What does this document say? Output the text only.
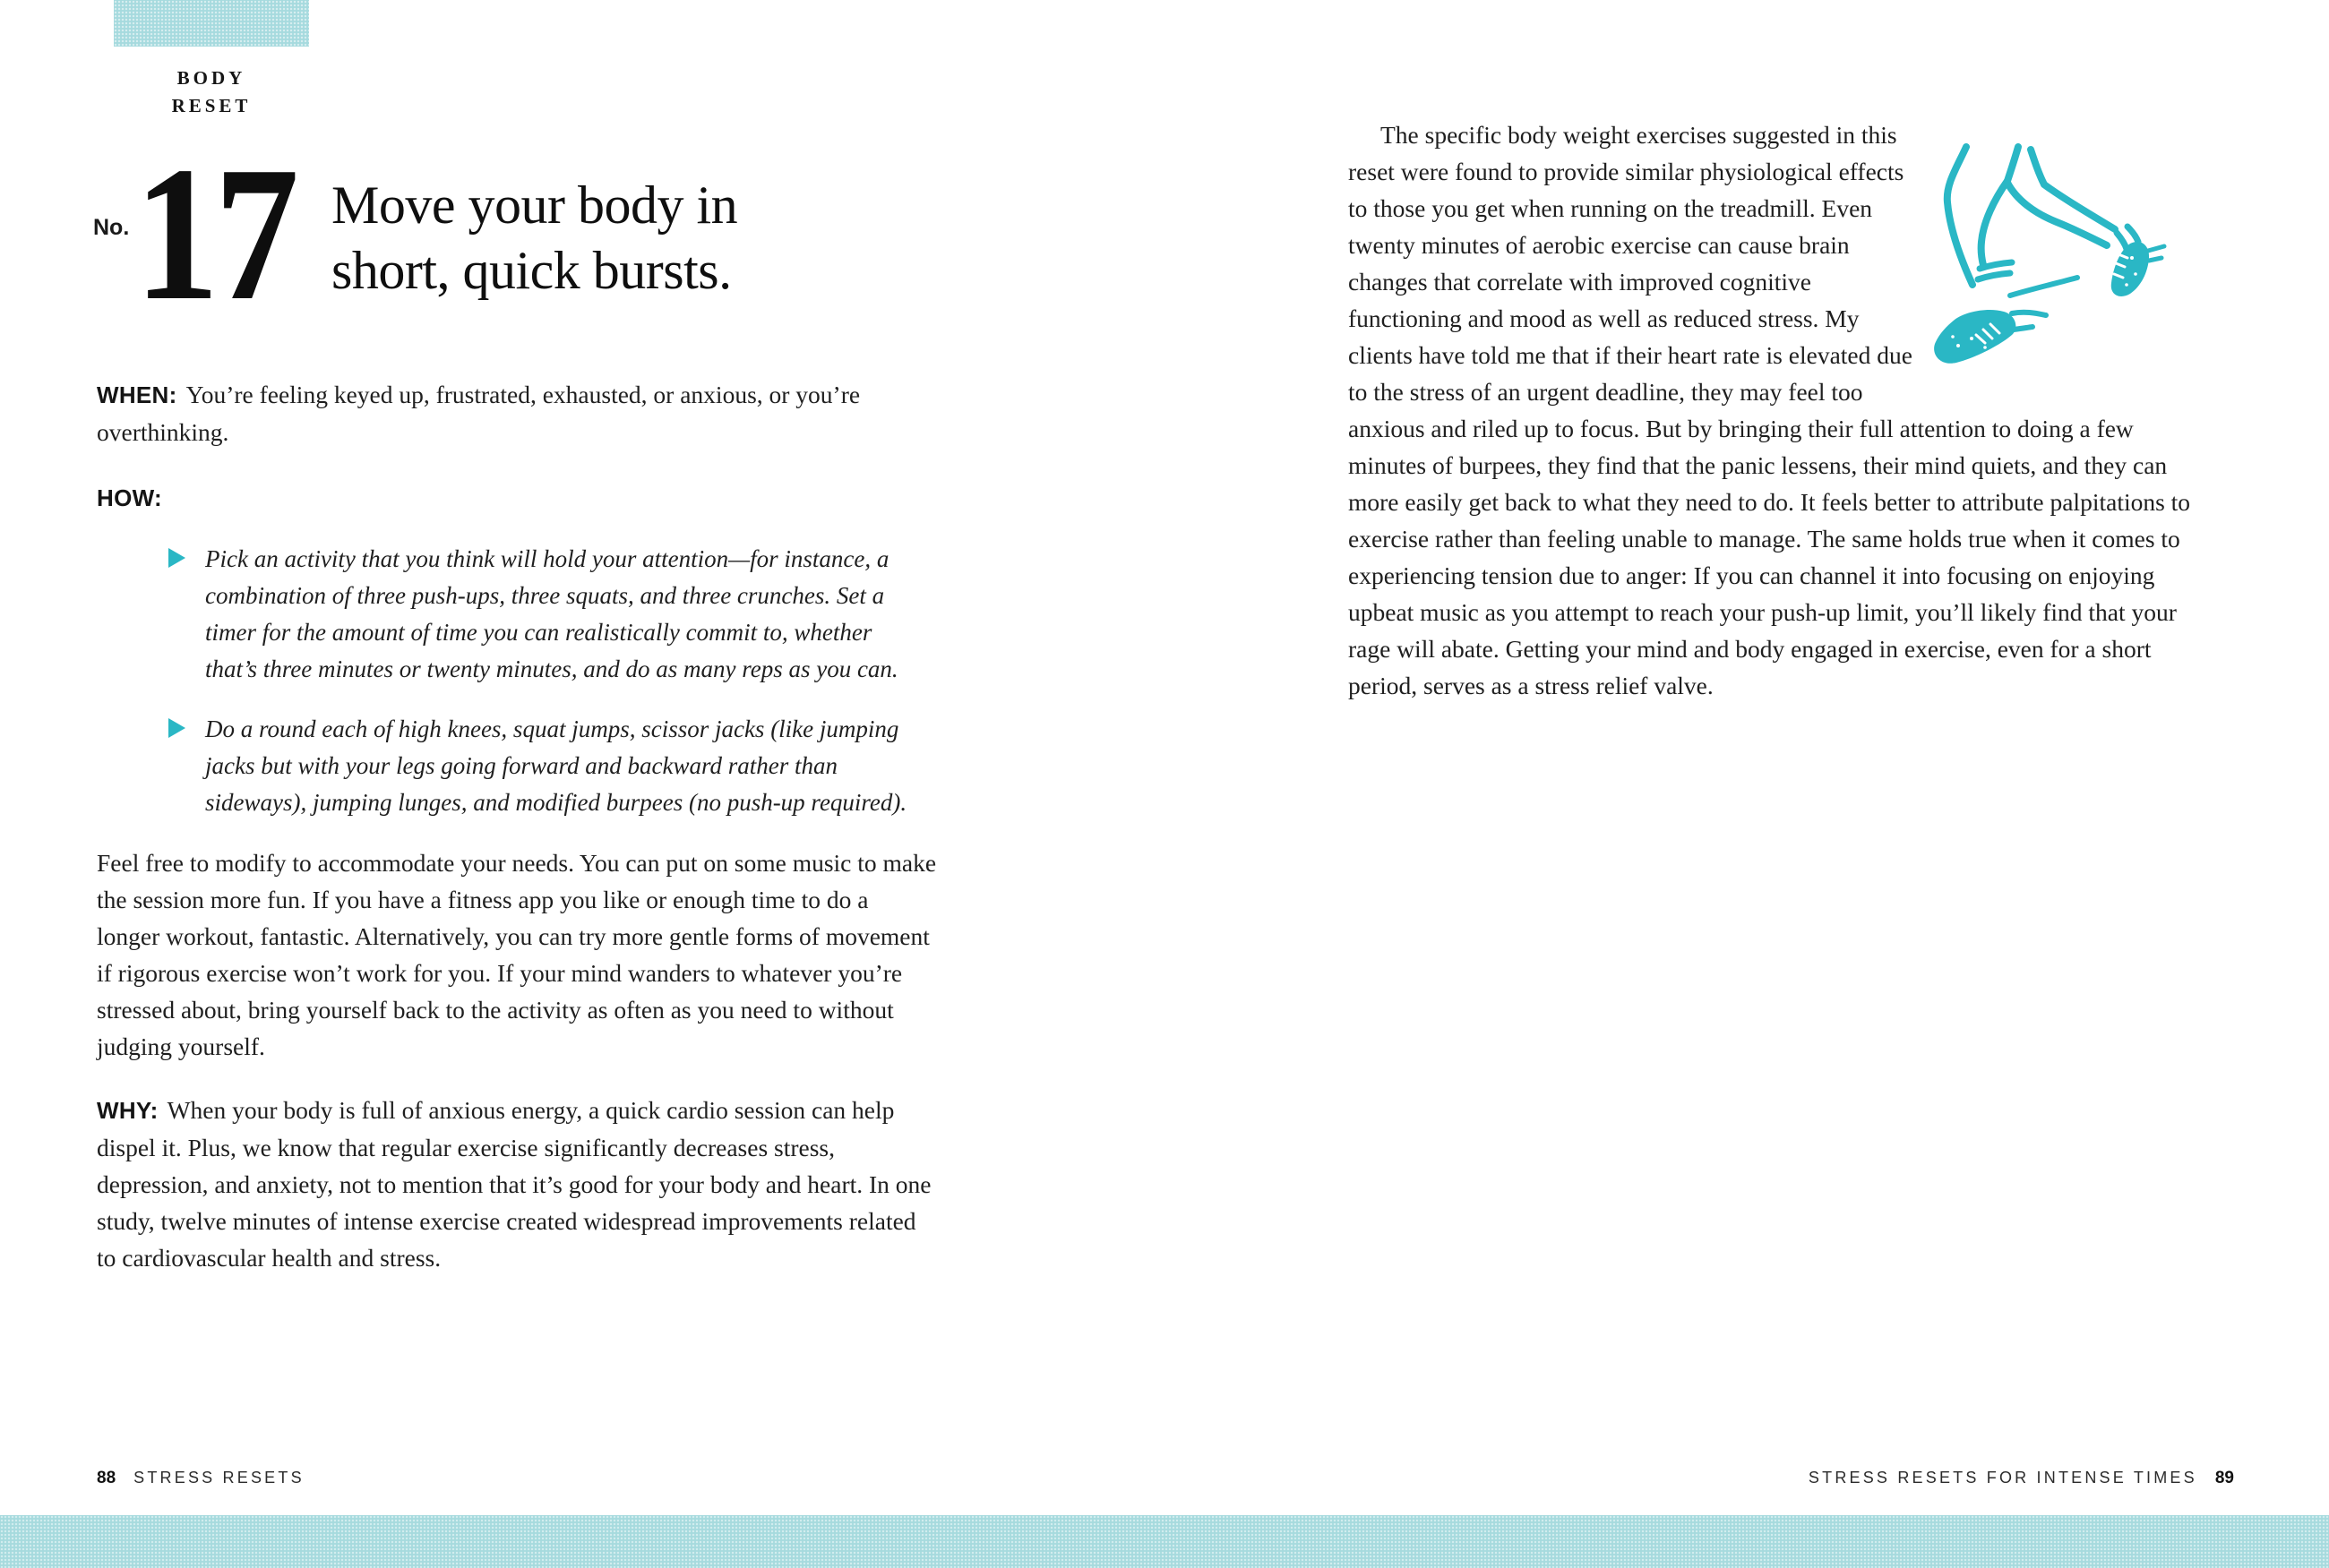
BODY RESET
No. 17 Move your body in
short, quick bursts.

WHEN: You’re feeling keyed up, frustrated, exhausted, or anxious, or you’re overthinking.

HOW:
Pick an activity that you think will hold your attention—for instance, a combination of three push-ups, three squats, and three crunches. Set a timer for the amount of time you can realistically commit to, whether that’s three minutes or twenty minutes, and do as many reps as you can.
Do a round each of high knees, squat jumps, scissor jacks (like jumping jacks but with your legs going forward and backward rather than sideways), jumping lunges, and modified burpees (no push-up required).

Feel free to modify to accommodate your needs. You can put on some music to make the session more fun. If you have a fitness app you like or enough time to do a longer workout, fantastic. Alternatively, you can try more gentle forms of movement if rigorous exercise won’t work for you. If your mind wanders to whatever you’re stressed about, bring yourself back to the activity as often as you need to without judging yourself.

WHY: When your body is full of anxious energy, a quick cardio session can help dispel it. Plus, we know that regular exercise significantly decreases stress, depression, and anxiety, not to mention that it’s good for your body and heart. In one study, twelve minutes of intense exercise created widespread improvements related to cardiovascular health and stress.

88 STRESS RESETS

The specific body weight exercises suggested in this reset were found to provide similar physiological effects to those you get when running on the treadmill. Even twenty minutes of aerobic exercise can cause brain changes that correlate with improved cognitive functioning and mood as well as reduced stress. My clients have told me that if their heart rate is elevated due to the stress of an urgent deadline, they may feel too anxious and riled up to focus. But by bringing their full attention to doing a few minutes of burpees, they find that the panic lessens, their mind quiets, and they can more easily get back to what they need to do. It feels better to attribute palpitations to exercise rather than feeling unable to manage. The same holds true when it comes to experiencing tension due to anger: If you can channel it into focusing on enjoying upbeat music as you attempt to reach your push-up limit, you’ll likely find that your rage will abate. Getting your mind and body engaged in exercise, even for a short period, serves as a stress relief valve.

STRESS RESETS FOR INTENSE TIMES 89
